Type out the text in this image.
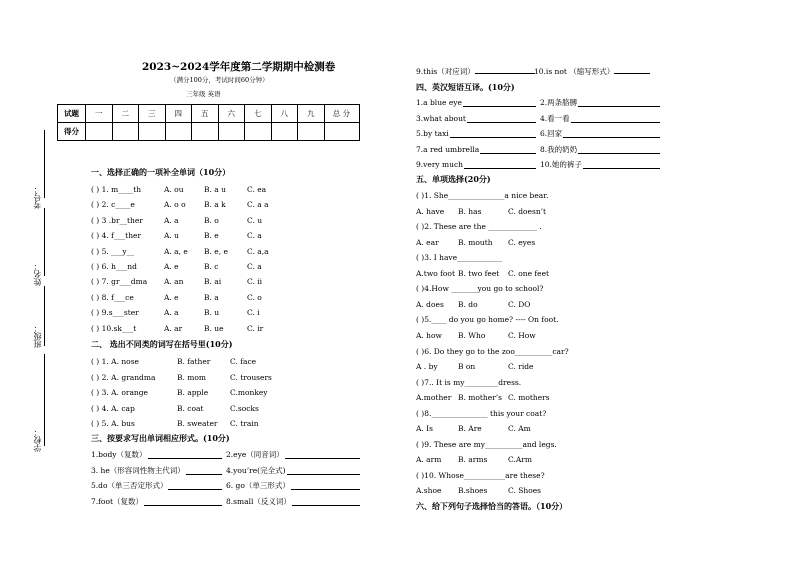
考号：
姓名：
班级：
学校：
2023~2024学年度第二学期期中检测卷
（满分100分，考试时间60分钟）
三年级 英语
试题	一	二	三	四	五	六	七	八	九	总 分
得分										
一、选择正确的一项补全单词（10分）
( ) 1. m____th	A. ou	B. a u	C. ea
( ) 2. c____e	A. o o B. a k	C. a a
( ) 3 .br__ther	A. a	B. o	C. u
( ) 4. f___ther	A. u	B. e	C. a
( ) 5. ___y__	A. a, e B. e, e	C. a,a
( ) 6. h___nd	A. e	B. c	C. a
( ) 7. gr___dma A. an	B. ai	C. ii
( ) 8. f___ce	A. e	B. a	C. o
( ) 9.s___ster	A. a	B. u	C. i
( ) 10.sk___t	A. ar	B. ue	C. ir
二、 选出不同类的词写在括号里(10分)
( ) 1. A. nose	B. father	C. face
( ) 2. A. grandma	B. mom	C. trousers
( ) 3. A. orange	B. apple	C.monkey
( ) 4. A. cap	B. coat	C.socks
( ) 5. A. bus	B. sweater C. train
三、按要求写出单词相应形式。(10分)
1.body（复数）	2.eye（同音词）
3. he（形容词性物主代词）	4.you’re(完全式)
5.do（单三否定形式）	6. go（单三形式）
7.foot（复数）	8.small（反义词）
9.this（对应词）	10.is not （缩写形式）
四、英汉短语互译。(10分)
1.a blue eye	2.两条胳膊
3.what about	4.看一看
5.by taxi	6.回家
7.a red umbrella	8.我的奶奶
9.very much	10.她的裤子
五、单项选择(20分)
( )1. She_______________a nice bear.
A. have B. has	C. doesn’t
( )2. These are the _____________ .
A. ear	B. mouth C. eyes
( )3. I have____________
A.two foot B. two feet C. one feet
( )4.How _______you go to school?
A. does B. do	C. DO
( )5.____ do you go home? ---- On foot.
A. how B. Who	C. How
( )6. Do they go to the zoo__________car?
A . by	B on	C. ride
( )7.. It is my_________dress.
A.mother B. mother’s C. mothers
( )8._______________ this your coat?
A. Is	B. Are	C. Am
( )9. These are my__________and legs.
A. arm B. arms	C.Arm
( )10. Whose___________are these?
A.shoe B.shoes	C. Shoes
六、给下列句子选择恰当的答语。（10分）
